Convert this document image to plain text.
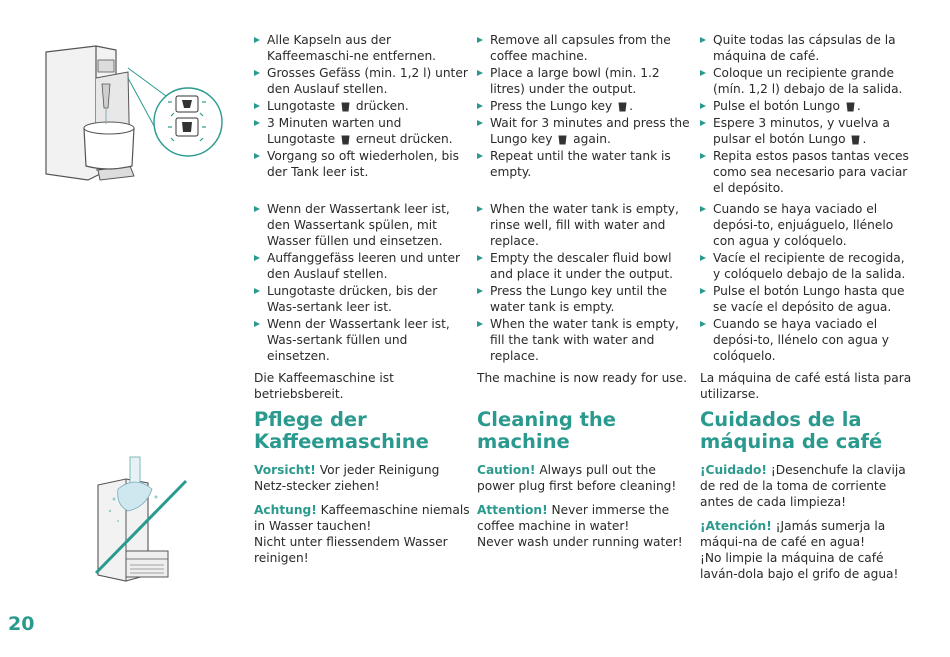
Alle Kapseln aus der Kaffeemaschi-ne entfernen.
Grosses Gefäss (min. 1,2 l) unter den Auslauf stellen.
Lungotaste
drücken.
3 Minuten warten und Lungotaste
erneut drücken.
Vorgang so oft wiederholen, bis der Tank leer ist.
Wenn der Wassertank leer ist, den Wassertank spülen, mit Wasser füllen und einsetzen.
Auffanggefäss leeren und unter den Auslauf stellen.
Lungotaste drücken, bis der Was-sertank leer ist.
Wenn der Wassertank leer ist, Was-sertank füllen und einsetzen.
Die Kaffeemaschine ist betriebsbereit.
Remove all capsules from the coffee machine.
Place a large bowl (min. 1.2 litres) under the output.
Press the Lungo key
.
Wait for 3 minutes and press the Lungo key
again.
Repeat until the water tank is empty.
When the water tank is empty, rinse well, fill with water and replace.
Empty the descaler fluid bowl and place it under the output.
Press the Lungo key until the water tank is empty.
When the water tank is empty, fill the tank with water and replace.
The machine is now ready for use.
Quite todas las cápsulas de la máquina de café.
Coloque un recipiente grande (mín. 1,2 l) debajo de la salida.
Pulse el botón Lungo
.
Espere 3 minutos, y vuelva a pulsar el botón Lungo
.
Repita estos pasos tantas veces como sea necesario para vaciar el depósito.
Cuando se haya vaciado el depósi-to, enjuáguelo, llénelo con agua y colóquelo.
Vacíe el recipiente de recogida, y colóquelo debajo de la salida.
Pulse el botón Lungo hasta que se vacíe el depósito de agua.
Cuando se haya vaciado el depósi-to, llénelo con agua y colóquelo.
La máquina de café está lista para utilizarse.
Pflege der Kaffeemaschine
Cleaning the machine
Cuidados de la máquina de café

Vorsicht! Vor jeder Reinigung Netz-stecker ziehen!

Achtung! Kaffeemaschine niemals in Wasser tauchen!
Nicht unter fliessendem Wasser reinigen!

Caution! Always pull out the power plug first before cleaning!

Attention! Never immerse the coffee machine in water!
Never wash under running water!

¡Cuidado! ¡Desenchufe la clavija de red de la toma de corriente antes de cada limpieza!

¡Atención! ¡Jamás sumerja la máqui-na de café en agua!
¡No limpie la máquina de café laván-dola bajo el grifo de agua!

20
